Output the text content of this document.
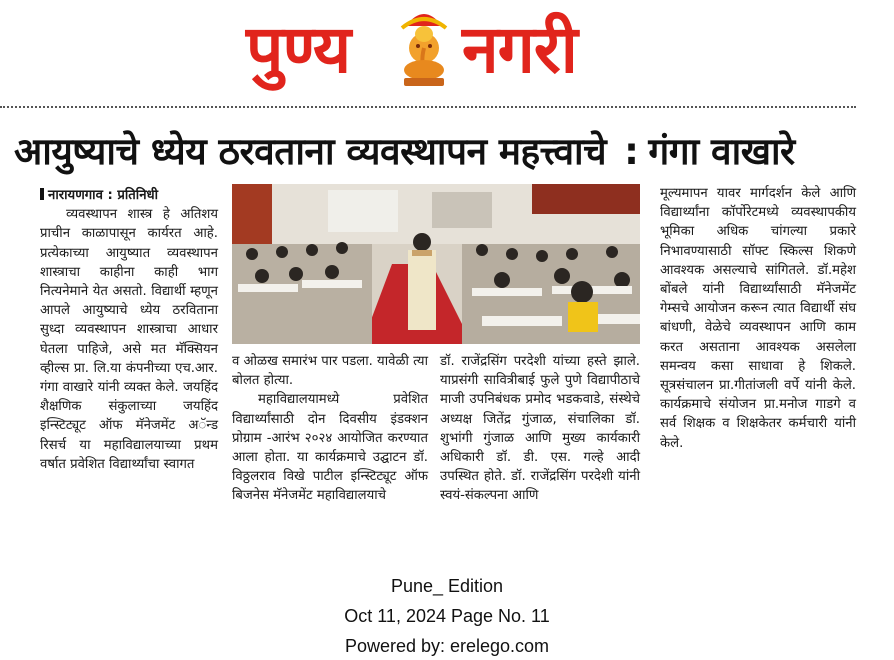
पुण्य नगरी
आयुष्याचे ध्येय ठरवताना व्यवस्थापन महत्त्वाचे : गंगा वाखारे

नारायणगाव : प्रतिनिधी

व्यवस्थापन शास्त्र हे अतिशय प्राचीन काळापासून कार्यरत आहे. प्रत्येकाच्या आयुष्यात व्यवस्थापन शास्त्राचा काहीना काही भाग नित्यनेमाने येत असतो. विद्यार्थी म्हणून आपले आयुष्याचे ध्येय ठरविताना सुध्दा व्यवस्थापन शास्त्राचा आधार घेतला पाहिजे, असे मत मॅक्सियन व्हील्स प्रा. लि.या कंपनीच्या एच.आर. गंगा वाखारे यांनी व्यक्त केले. जयहिंद शैक्षणिक संकुलाच्या जयहिंद इन्स्टिट्यूट ऑफ मॅनेजमेंट अॅन्ड रिसर्च या महाविद्यालयाच्या प्रथम वर्षात प्रवेशित विद्यार्थ्यांचा स्वागत

व ओळख समारंभ पार पडला. यावेळी त्या बोलत होत्या.

महाविद्यालयामध्ये प्रवेशित विद्यार्थ्यांसाठी दोन दिवसीय इंडक्शन प्रोग्राम -आरंभ २०२४ आयोजित करण्यात आला होता. या कार्यक्रमाचे उद्घाटन डॉ. विठ्ठलराव विखे पाटील इन्स्टिट्यूट ऑफ बिजनेस मॅनेजमेंट महाविद्यालयाचे

डॉ. राजेंद्रसिंग परदेशी यांच्या हस्ते झाले. याप्रसंगी सावित्रीबाई फुले पुणे विद्यापीठाचे माजी उपनिबंधक प्रमोद भडकवाडे, संस्थेचे अध्यक्ष जितेंद्र गुंजाळ, संचालिका डॉ. शुभांगी गुंजाळ आणि मुख्य कार्यकारी अधिकारी डॉ. डी. एस. गल्हे आदी उपस्थित होते. डॉ. राजेंद्रसिंग परदेशी यांनी स्वयं-संकल्पना आणि

मूल्यमापन यावर मार्गदर्शन केले आणि विद्यार्थ्यांना कॉर्पोरेटमध्ये व्यवस्थापकीय भूमिका अधिक चांगल्या प्रकारे निभावण्यासाठी सॉफ्ट स्किल्स शिकणे आवश्यक असल्याचे सांगितले. डॉ.महेश बोंबले यांनी विद्यार्थ्यांसाठी मॅनेजमेंट गेम्सचे आयोजन करून त्यात विद्यार्थी संघ बांधणी, वेळेचे व्यवस्थापन आणि काम करत असताना आवश्यक असलेला समन्वय कसा साधावा हे शिकले. सूत्रसंचालन प्रा.गीतांजली वर्पे यांनी केले. कार्यक्रमाचे संयोजन प्रा.मनोज गाडगे व सर्व शिक्षक व शिक्षकेतर कर्मचारी यांनी केले.

Pune_ Edition
Oct 11, 2024 Page No. 11
Powered by: erelego.com
